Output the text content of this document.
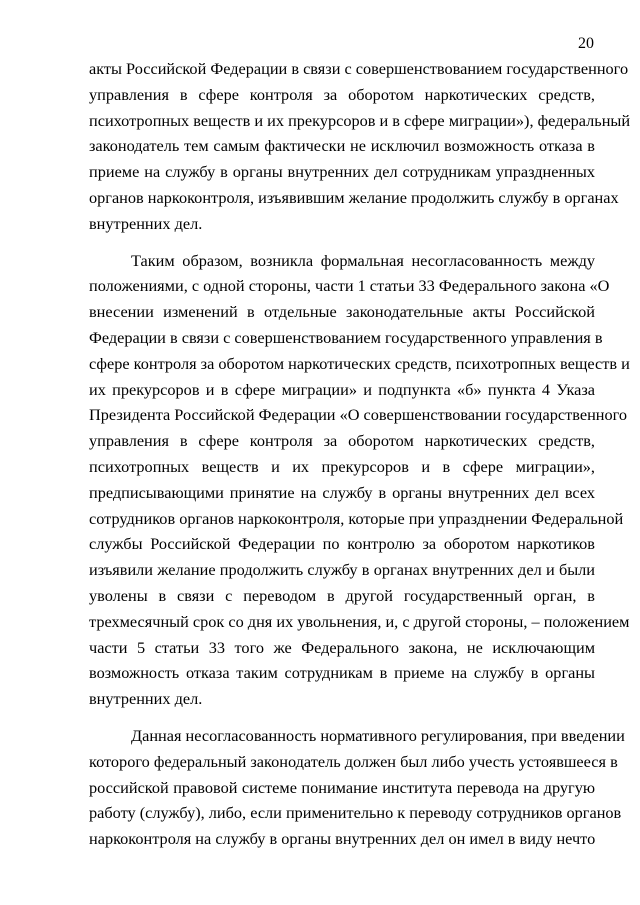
20
акты Российской Федерации в связи с совершенствованием государственного
управления в сфере контроля за оборотом наркотических средств,
психотропных веществ и их прекурсоров и в сфере миграции»), федеральный
законодатель тем самым фактически не исключил возможность отказа в
приеме на службу в органы внутренних дел сотрудникам упраздненных
органов наркоконтроля, изъявившим желание продолжить службу в органах
внутренних дел.
Таким образом, возникла формальная несогласованность между
положениями, с одной стороны, части 1 статьи 33 Федерального закона «О
внесении изменений в отдельные законодательные акты Российской
Федерации в связи с совершенствованием государственного управления в
сфере контроля за оборотом наркотических средств, психотропных веществ и
их прекурсоров и в сфере миграции» и подпункта «б» пункта 4 Указа
Президента Российской Федерации «О совершенствовании государственного
управления в сфере контроля за оборотом наркотических средств,
психотропных веществ и их прекурсоров и в сфере миграции»,
предписывающими принятие на службу в органы внутренних дел всех
сотрудников органов наркоконтроля, которые при упразднении Федеральной
службы Российской Федерации по контролю за оборотом наркотиков
изъявили желание продолжить службу в органах внутренних дел и были
уволены в связи с переводом в другой государственный орган, в
трехмесячный срок со дня их увольнения, и, с другой стороны, – положением
части 5 статьи 33 того же Федерального закона, не исключающим
возможность отказа таким сотрудникам в приеме на службу в органы
внутренних дел.
Данная несогласованность нормативного регулирования, при введении
которого федеральный законодатель должен был либо учесть устоявшееся в
российской правовой системе понимание института перевода на другую
работу (службу), либо, если применительно к переводу сотрудников органов
наркоконтроля на службу в органы внутренних дел он имел в виду нечто
